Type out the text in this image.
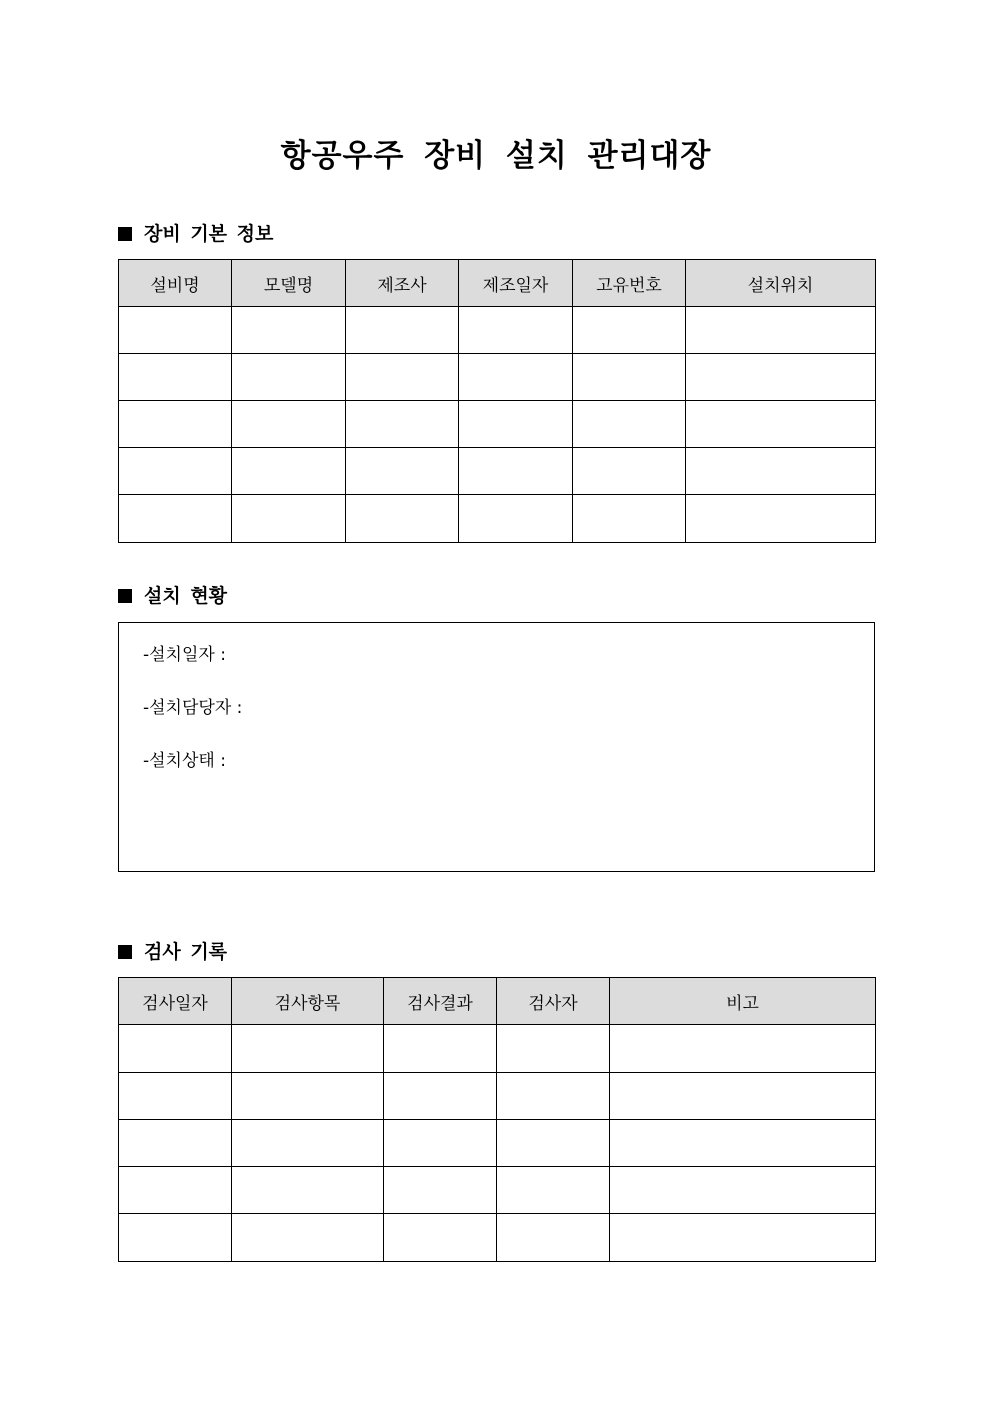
항공우주 장비 설치 관리대장
장비 기본 정보
설비명	모델명	제조사	제조일자	고유번호	설치위치

설치 현황
-설치일자 :
-설치담당자 :
-설치상태 :
검사 기록
검사일자	검사항목	검사결과	검사자	비고
